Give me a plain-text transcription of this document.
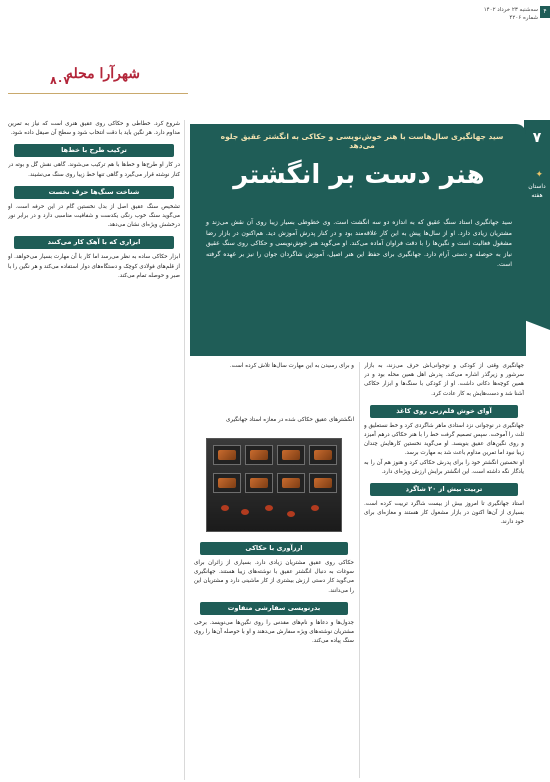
۴
سه‌شنبه ۲۳ خرداد ۱۴۰۲
شماره ۴۲۰۶
شهرآرا محله
۸۰۷
۷
داستان هفته
✦
سید جهانگیری سال‌هاست با هنر خوش‌نویسی و حکاکی به انگشتر عقیق جلوه می‌دهد
هنر دست بر انگشتر
سید جهانگیری استاد سنگ عقیق که به اندازه دو سه انگشت است. وی خطوطی بسیار زیبا روی آن نقش می‌زند و مشتریان زیادی دارد. او از سال‌ها پیش به این کار علاقه‌مند بود و در کنار پدرش آموزش دید. هم‌اکنون در بازار رضا مشغول فعالیت است و نگین‌ها را با دقت فراوان آماده می‌کند. او می‌گوید هنر خوش‌نویسی و حکاکی روی سنگ عقیق نیاز به حوصله و دستی آرام دارد. جهانگیری برای حفظ این هنر اصیل، آموزش شاگردان جوان را نیز بر عهده گرفته است.

جهانگیری وقتی از کودکی و نوجوانی‌اش حرف می‌زند، به بازار سرشور و زیرگذر اشاره می‌کند. پدرش اهل همین محله بود و در همین کوچه‌ها دکانی داشت. او از کودکی با سنگ‌ها و ابزار حکاکی آشنا شد و دست‌هایش به کار عادت کرد.

آوای خوش قلم‌زنی روی کاغذ

جهانگیری در نوجوانی نزد استادی ماهر شاگردی کرد و خط نستعلیق و ثلث را آموخت. سپس تصمیم گرفت خط را با هنر حکاکی درهم آمیزد و روی نگین‌های عقیق بنویسد. او می‌گوید نخستین کارهایش چندان زیبا نبود اما تمرین مداوم باعث شد به مهارت برسد.

او نخستین انگشتر خود را برای پدرش حکاکی کرد و هنوز هم آن را به یادگار نگه داشته است. این انگشتر برایش ارزش ویژه‌ای دارد.

تربیت بیش از ۲۰ شاگرد

استاد جهانگیری تا امروز بیش از بیست شاگرد تربیت کرده است. بسیاری از آن‌ها اکنون در بازار مشغول کار هستند و مغازه‌ای برای خود دارند.

و برای رسیدن به این مهارت سال‌ها تلاش کرده است.

انگشترهای عقیق حکاکی شده در مغازه استاد جهانگیری
ارزآوری با حکاکی

حکاکی روی عقیق مشتریان زیادی دارد. بسیاری از زائران برای سوغات به دنبال انگشتر عقیق با نوشته‌های زیبا هستند. جهانگیری می‌گوید کار دستی ارزش بیشتری از کار ماشینی دارد و مشتریان این را می‌دانند.

بدرنویسی سفارشی متفاوت

جدول‌ها و دعاها و نام‌های مقدس را روی نگین‌ها می‌نویسد. برخی مشتریان نوشته‌های ویژه سفارش می‌دهند و او با حوصله آن‌ها را روی سنگ پیاده می‌کند.

شروع کرد. خطاطی و حکاکی روی عقیق هنری است که نیاز به تمرین مداوم دارد. هر نگین باید با دقت انتخاب شود و سطح آن صیقل داده شود.

ترکیب طرح با خط‌ها

در کار او طرح‌ها و خط‌ها با هم ترکیب می‌شوند. گاهی نقش گل و بوته در کنار نوشته قرار می‌گیرد و گاهی تنها خط زیبا روی سنگ می‌نشیند.

شناخت سنگ‌ها حرف نخست

تشخیص سنگ عقیق اصل از بدل نخستین گام در این حرفه است. او می‌گوید سنگ خوب رنگی یکدست و شفافیت مناسبی دارد و در برابر نور درخشش ویژه‌ای نشان می‌دهد.

ابزاری که با آهک کار می‌کنند

ابزار حکاکی ساده به نظر می‌رسد اما کار با آن مهارت بسیار می‌خواهد. او از قلم‌های فولادی کوچک و دستگاه‌های دوار استفاده می‌کند و هر نگین را با صبر و حوصله تمام می‌کند.
